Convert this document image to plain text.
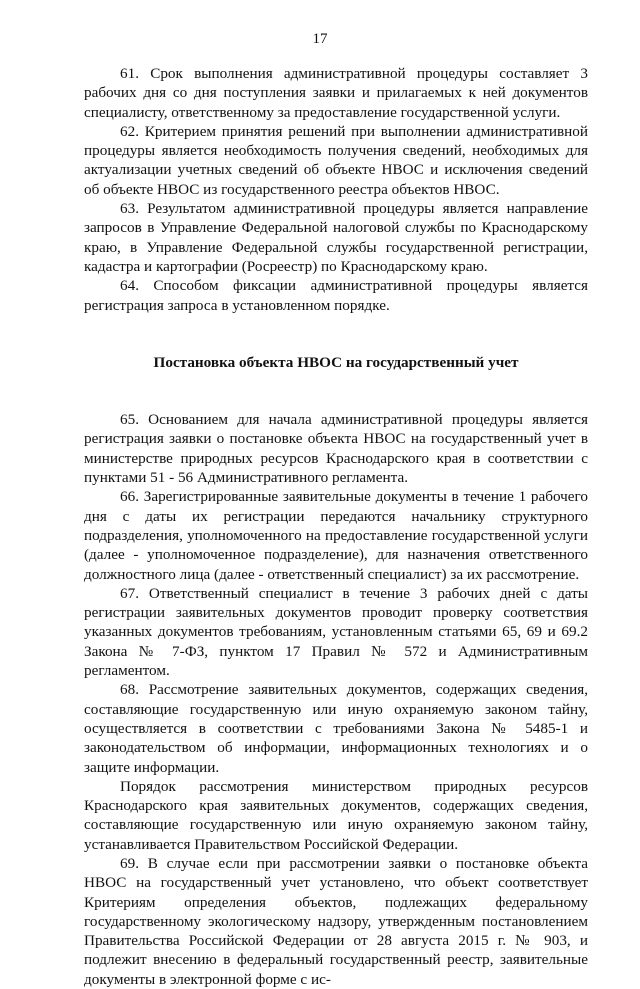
17

61. Срок выполнения административной процедуры составляет 3 рабочих дня со дня поступления заявки и прилагаемых к ней документов специалисту, ответственному за предоставление государственной услуги.

62. Критерием принятия решений при выполнении административной процедуры является необходимость получения сведений, необходимых для актуализации учетных сведений об объекте НВОС и исключения сведений об объекте НВОС из государственного реестра объектов НВОС.

63. Результатом административной процедуры является направление запросов в Управление Федеральной налоговой службы по Краснодарскому краю, в Управление Федеральной службы государственной регистрации, кадастра и картографии (Росреестр) по Краснодарскому краю.

64. Способом фиксации административной процедуры является регистрация запроса в установленном порядке.

Постановка объекта НВОС на государственный учет

65. Основанием для начала административной процедуры является регистрация заявки о постановке объекта НВОС на государственный учет в министерстве природных ресурсов Краснодарского края в соответствии с пунктами 51 - 56 Административного регламента.

66. Зарегистрированные заявительные документы в течение 1 рабочего дня с даты их регистрации передаются начальнику структурного подразделения, уполномоченного на предоставление государственной услуги (далее - уполномоченное подразделение), для назначения ответственного должностного лица (далее - ответственный специалист) за их рассмотрение.

67. Ответственный специалист в течение 3 рабочих дней с даты регистрации заявительных документов проводит проверку соответствия указанных документов требованиям, установленным статьями 65, 69 и 69.2 Закона № 7-ФЗ, пунктом 17 Правил № 572 и Административным регламентом.

68. Рассмотрение заявительных документов, содержащих сведения, составляющие государственную или иную охраняемую законом тайну, осуществляется в соответствии с требованиями Закона № 5485-1 и законодательством об информации, информационных технологиях и о защите информации.

Порядок рассмотрения министерством природных ресурсов Краснодарского края заявительных документов, содержащих сведения, составляющие государственную или иную охраняемую законом тайну, устанавливается Правительством Российской Федерации.

69. В случае если при рассмотрении заявки о постановке объекта НВОС на государственный учет установлено, что объект соответствует Критериям определения объектов, подлежащих федеральному государственному экологическому надзору, утвержденным постановлением Правительства Российской Федерации от 28 августа 2015 г. № 903, и подлежит внесению в федеральный государственный реестр, заявительные документы в электронной форме с ис-
